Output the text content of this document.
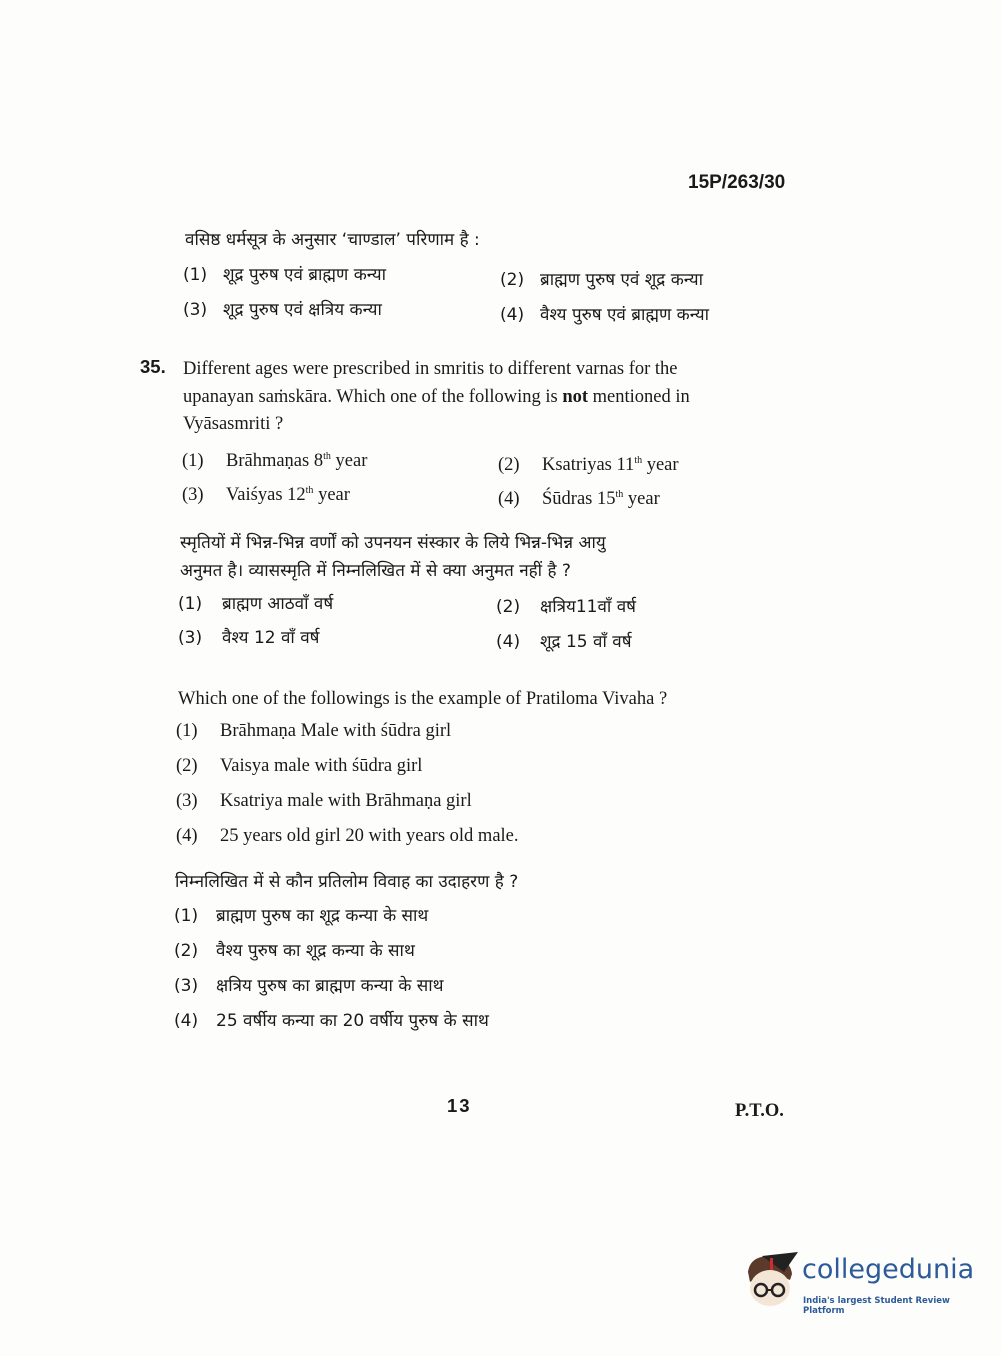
15P/263/30
वसिष्ठ धर्मसूत्र के अनुसार ‘चाण्डाल’ परिणाम है :
(1) शूद्र पुरुष एवं ब्राह्मण कन्या	(2) ब्राह्मण पुरुष एवं शूद्र कन्या
(3) शूद्र पुरुष एवं क्षत्रिय कन्या	(4) वैश्य पुरुष एवं ब्राह्मण कन्या
35. Different ages were prescribed in smritis to different varnas for the
upanayan saṁskāra. Which one of the following is not mentioned in
Vyāsasmriti ?
(1) Brāhmaṇas 8th year	(2) Ksatriyas 11th year
(3) Vaiśyas 12th year	(4) Śūdras 15th year
स्मृतियों में भिन्न-भिन्न वर्णों को उपनयन संस्कार के लिये भिन्न-भिन्न आयु
अनुमत है। व्यासस्मृति में निम्नलिखित में से क्या अनुमत नहीं है ?
(1) ब्राह्मण आठवाँ वर्ष	(2) क्षत्रिय11वाँ वर्ष
(3) वैश्य 12 वाँ वर्ष	(4) शूद्र 15 वाँ वर्ष
Which one of the followings is the example of Pratiloma Vivaha ?
(1) Brāhmaṇa Male with śūdra girl
(2) Vaisya male with śūdra girl
(3) Ksatriya male with Brāhmaṇa girl
(4) 25 years old girl 20 with years old male.
निम्नलिखित में से कौन प्रतिलोम विवाह का उदाहरण है ?
(1) ब्राह्मण पुरुष का शूद्र कन्या के साथ
(2) वैश्य पुरुष का शूद्र कन्या के साथ
(3) क्षत्रिय पुरुष का ब्राह्मण कन्या के साथ
(4) 25 वर्षीय कन्या का 20 वर्षीय पुरुष के साथ
13	P.T.O.
collegedunia
India's largest Student Review Platform
